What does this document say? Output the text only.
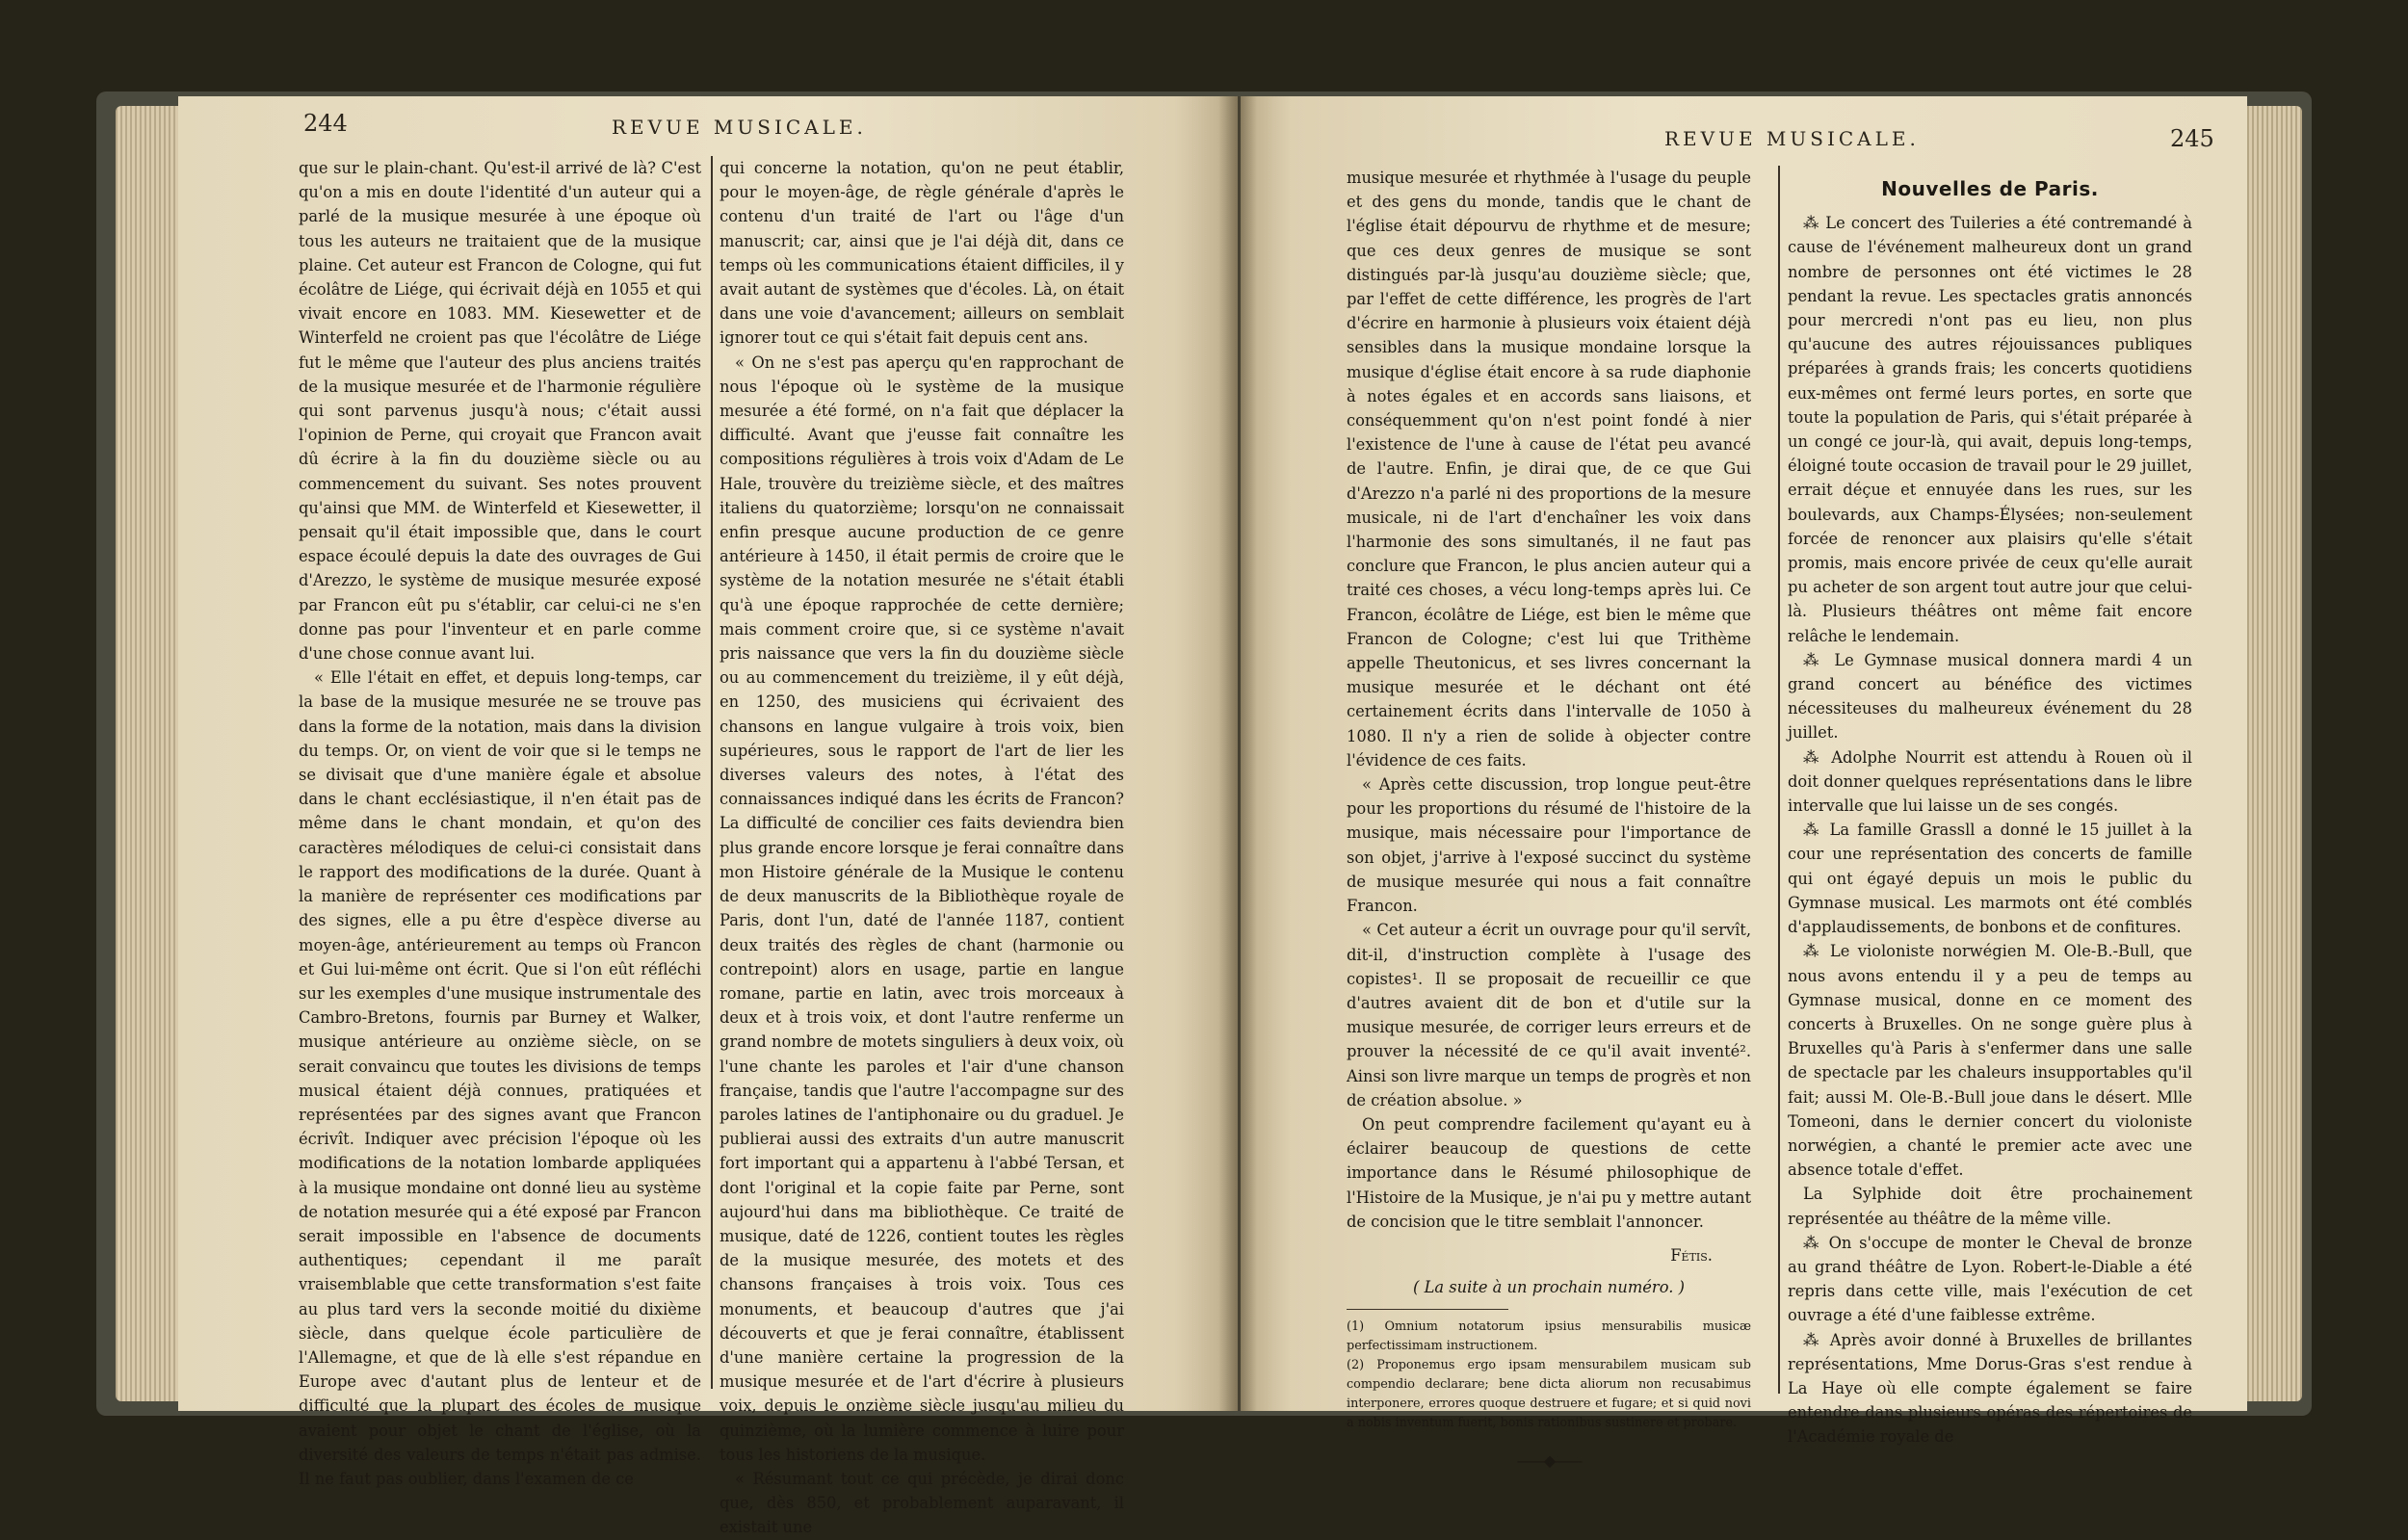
244	REVUE MUSICALE.

que sur le plain-chant. Qu'est-il arrivé de là? C'est qu'on a mis en doute l'identité d'un auteur qui a parlé de la musique mesurée à une époque où tous les auteurs ne traitaient que de la musique plaine. Cet auteur est Francon de Cologne, qui fut écolâtre de Liége, qui écrivait déjà en 1055 et qui vivait encore en 1083. MM. Kiesewetter et de Winterfeld ne croient pas que l'écolâtre de Liége fut le même que l'auteur des plus anciens traités de la musique mesurée et de l'harmonie régulière qui sont parvenus jusqu'à nous; c'était aussi l'opinion de Perne, qui croyait que Francon avait dû écrire à la fin du douzième siècle ou au commencement du suivant. Ses notes prouvent qu'ainsi que MM. de Winterfeld et Kiesewetter, il pensait qu'il était impossible que, dans le court espace écoulé depuis la date des ouvrages de Gui d'Arezzo, le système de musique mesurée exposé par Francon eût pu s'établir, car celui-ci ne s'en donne pas pour l'inventeur et en parle comme d'une chose connue avant lui.

« Elle l'était en effet, et depuis long-temps, car la base de la musique mesurée ne se trouve pas dans la forme de la notation, mais dans la division du temps. Or, on vient de voir que si le temps ne se divisait que d'une manière égale et absolue dans le chant ecclésiastique, il n'en était pas de même dans le chant mondain, et qu'on des caractères mélodiques de celui-ci consistait dans le rapport des modifications de la durée. Quant à la manière de représenter ces modifications par des signes, elle a pu être d'espèce diverse au moyen-âge, antérieurement au temps où Francon et Gui lui-même ont écrit. Que si l'on eût réfléchi sur les exemples d'une musique instrumentale des Cambro-Bretons, fournis par Burney et Walker, musique antérieure au onzième siècle, on se serait convaincu que toutes les divisions de temps musical étaient déjà connues, pratiquées et représentées par des signes avant que Francon écrivît. Indiquer avec précision l'époque où les modifications de la notation lombarde appliquées à la musique mondaine ont donné lieu au système de notation mesurée qui a été exposé par Francon serait impossible en l'absence de documents authentiques; cependant il me paraît vraisemblable que cette transformation s'est faite au plus tard vers la seconde moitié du dixième siècle, dans quelque école particulière de l'Allemagne, et que de là elle s'est répandue en Europe avec d'autant plus de lenteur et de difficulté que la plupart des écoles de musique avaient pour objet le chant de l'église, où la diversité des valeurs de temps n'était pas admise. Il ne faut pas oublier, dans l'examen de ce

qui concerne la notation, qu'on ne peut établir, pour le moyen-âge, de règle générale d'après le contenu d'un traité de l'art ou l'âge d'un manuscrit; car, ainsi que je l'ai déjà dit, dans ce temps où les communications étaient difficiles, il y avait autant de systèmes que d'écoles. Là, on était dans une voie d'avancement; ailleurs on semblait ignorer tout ce qui s'était fait depuis cent ans.

« On ne s'est pas aperçu qu'en rapprochant de nous l'époque où le système de la musique mesurée a été formé, on n'a fait que déplacer la difficulté. Avant que j'eusse fait connaître les compositions régulières à trois voix d'Adam de Le Hale, trouvère du treizième siècle, et des maîtres italiens du quatorzième; lorsqu'on ne connaissait enfin presque aucune production de ce genre antérieure à 1450, il était permis de croire que le système de la notation mesurée ne s'était établi qu'à une époque rapprochée de cette dernière; mais comment croire que, si ce système n'avait pris naissance que vers la fin du douzième siècle ou au commencement du treizième, il y eût déjà, en 1250, des musiciens qui écrivaient des chansons en langue vulgaire à trois voix, bien supérieures, sous le rapport de l'art de lier les diverses valeurs des notes, à l'état des connaissances indiqué dans les écrits de Francon? La difficulté de concilier ces faits deviendra bien plus grande encore lorsque je ferai connaître dans mon Histoire générale de la Musique le contenu de deux manuscrits de la Bibliothèque royale de Paris, dont l'un, daté de l'année 1187, contient deux traités des règles de chant (harmonie ou contrepoint) alors en usage, partie en langue romane, partie en latin, avec trois morceaux à deux et à trois voix, et dont l'autre renferme un grand nombre de motets singuliers à deux voix, où l'une chante les paroles et l'air d'une chanson française, tandis que l'autre l'accompagne sur des paroles latines de l'antiphonaire ou du graduel. Je publierai aussi des extraits d'un autre manuscrit fort important qui a appartenu à l'abbé Tersan, et dont l'original et la copie faite par Perne, sont aujourd'hui dans ma bibliothèque. Ce traité de musique, daté de 1226, contient toutes les règles de la musique mesurée, des motets et des chansons françaises à trois voix. Tous ces monuments, et beaucoup d'autres que j'ai découverts et que je ferai connaître, établissent d'une manière certaine la progression de la musique mesurée et de l'art d'écrire à plusieurs voix, depuis le onzième siècle jusqu'au milieu du quinzième, où la lumière commence à luire pour tous les historiens de la musique.

« Résumant tout ce qui précède, je dirai donc que, dès 850, et probablement auparavant, il existait une

REVUE MUSICALE.	245

musique mesurée et rhythmée à l'usage du peuple et des gens du monde, tandis que le chant de l'église était dépourvu de rhythme et de mesure; que ces deux genres de musique se sont distingués par-là jusqu'au douzième siècle; que, par l'effet de cette différence, les progrès de l'art d'écrire en harmonie à plusieurs voix étaient déjà sensibles dans la musique mondaine lorsque la musique d'église était encore à sa rude diaphonie à notes égales et en accords sans liaisons, et conséquemment qu'on n'est point fondé à nier l'existence de l'une à cause de l'état peu avancé de l'autre. Enfin, je dirai que, de ce que Gui d'Arezzo n'a parlé ni des proportions de la mesure musicale, ni de l'art d'enchaîner les voix dans l'harmonie des sons simultanés, il ne faut pas conclure que Francon, le plus ancien auteur qui a traité ces choses, a vécu long-temps après lui. Ce Francon, écolâtre de Liége, est bien le même que Francon de Cologne; c'est lui que Trithème appelle Theutonicus, et ses livres concernant la musique mesurée et le déchant ont été certainement écrits dans l'intervalle de 1050 à 1080. Il n'y a rien de solide à objecter contre l'évidence de ces faits.

« Après cette discussion, trop longue peut-être pour les proportions du résumé de l'histoire de la musique, mais nécessaire pour l'importance de son objet, j'arrive à l'exposé succinct du système de musique mesurée qui nous a fait connaître Francon.

« Cet auteur a écrit un ouvrage pour qu'il servît, dit-il, d'instruction complète à l'usage des copistes¹. Il se proposait de recueillir ce que d'autres avaient dit de bon et d'utile sur la musique mesurée, de corriger leurs erreurs et de prouver la nécessité de ce qu'il avait inventé². Ainsi son livre marque un temps de progrès et non de création absolue. »

On peut comprendre facilement qu'ayant eu à éclairer beaucoup de questions de cette importance dans le Résumé philosophique de l'Histoire de la Musique, je n'ai pu y mettre autant de concision que le titre semblait l'annoncer.

Fétis.
( La suite à un prochain numéro. )

(1) Omnium notatorum ipsius mensurabilis musicæ perfectissimam instructionem.

(2) Proponemus ergo ipsam mensurabilem musicam sub compendio declarare; bene dicta aliorum non recusabimus interponere, errores quoque destruere et fugare; et si quid novi a nobis inventum fuerit, bonis rationibus sustinere et probare.

——◆——
Nouvelles de Paris.

⁂ Le concert des Tuileries a été contremandé à cause de l'événement malheureux dont un grand nombre de personnes ont été victimes le 28 pendant la revue. Les spectacles gratis annoncés pour mercredi n'ont pas eu lieu, non plus qu'aucune des autres réjouissances publiques préparées à grands frais; les concerts quotidiens eux-mêmes ont fermé leurs portes, en sorte que toute la population de Paris, qui s'était préparée à un congé ce jour-là, qui avait, depuis long-temps, éloigné toute occasion de travail pour le 29 juillet, errait déçue et ennuyée dans les rues, sur les boulevards, aux Champs-Élysées; non-seulement forcée de renoncer aux plaisirs qu'elle s'était promis, mais encore privée de ceux qu'elle aurait pu acheter de son argent tout autre jour que celui-là. Plusieurs théâtres ont même fait encore relâche le lendemain.

⁂ Le Gymnase musical donnera mardi 4 un grand concert au bénéfice des victimes nécessiteuses du malheureux événement du 28 juillet.

⁂ Adolphe Nourrit est attendu à Rouen où il doit donner quelques représentations dans le libre intervalle que lui laisse un de ses congés.

⁂ La famille Grassll a donné le 15 juillet à la cour une représentation des concerts de famille qui ont égayé depuis un mois le public du Gymnase musical. Les marmots ont été comblés d'applaudissements, de bonbons et de confitures.

⁂ Le violoniste norwégien M. Ole-B.-Bull, que nous avons entendu il y a peu de temps au Gymnase musical, donne en ce moment des concerts à Bruxelles. On ne songe guère plus à Bruxelles qu'à Paris à s'enfermer dans une salle de spectacle par les chaleurs insupportables qu'il fait; aussi M. Ole-B.-Bull joue dans le désert. Mlle Tomeoni, dans le dernier concert du violoniste norwégien, a chanté le premier acte avec une absence totale d'effet.

La Sylphide doit être prochainement représentée au théâtre de la même ville.

⁂ On s'occupe de monter le Cheval de bronze au grand théâtre de Lyon. Robert-le-Diable a été repris dans cette ville, mais l'exécution de cet ouvrage a été d'une faiblesse extrême.

⁂ Après avoir donné à Bruxelles de brillantes représentations, Mme Dorus-Gras s'est rendue à La Haye où elle compte également se faire entendre dans plusieurs opéras des répertoires de l'Académie royale de
